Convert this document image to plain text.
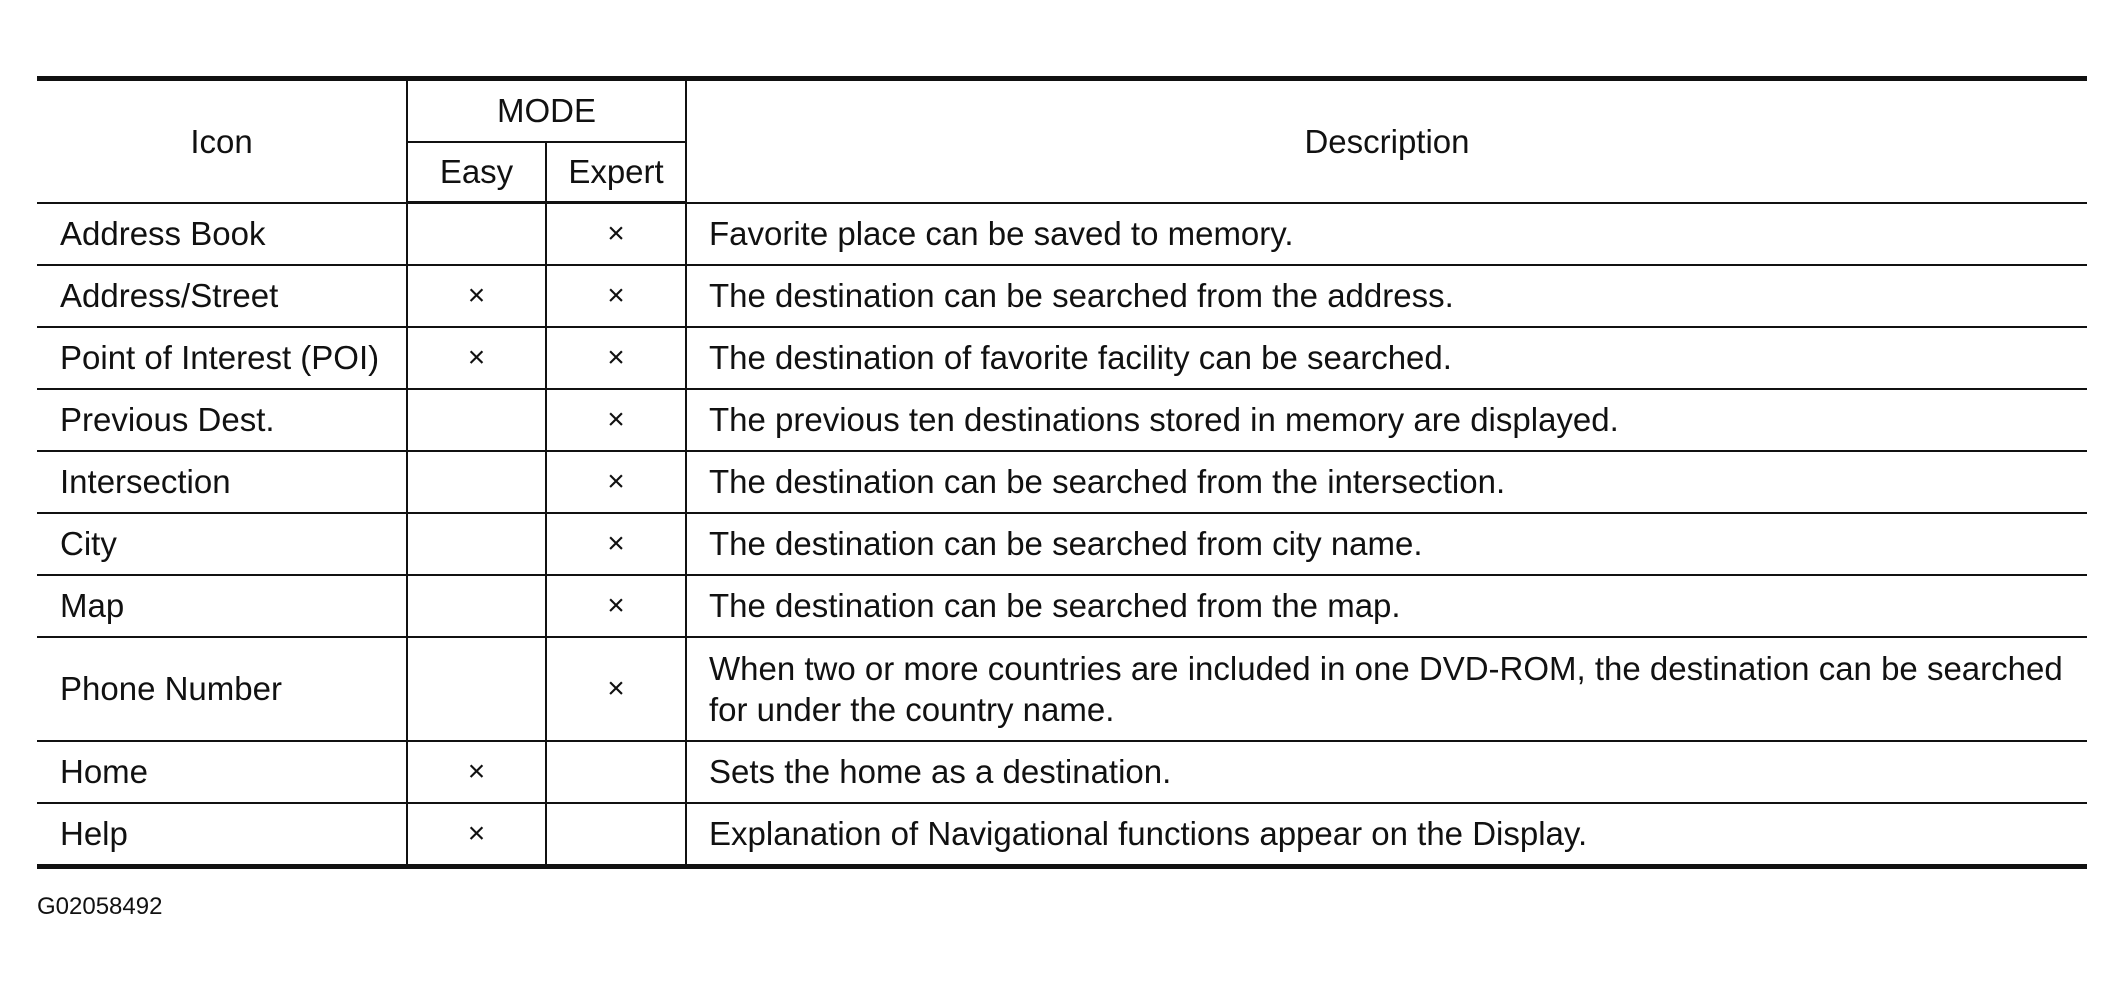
Icon	MODE		Description
	Easy	Expert	
Address Book		×	Favorite place can be saved to memory.
Address/Street	×	×	The destination can be searched from the address.
Point of Interest (POI)	×	×	The destination of favorite facility can be searched.
Previous Dest.		×	The previous ten destinations stored in memory are displayed.
Intersection		×	The destination can be searched from the intersection.
City		×	The destination can be searched from city name.
Map		×	The destination can be searched from the map.
Phone Number		×	When two or more countries are included in one DVD-ROM, the destination can be searched for under the country name.
Home	×		Sets the home as a destination.
Help	×		Explanation of Navigational functions appear on the Display.
G02058492
